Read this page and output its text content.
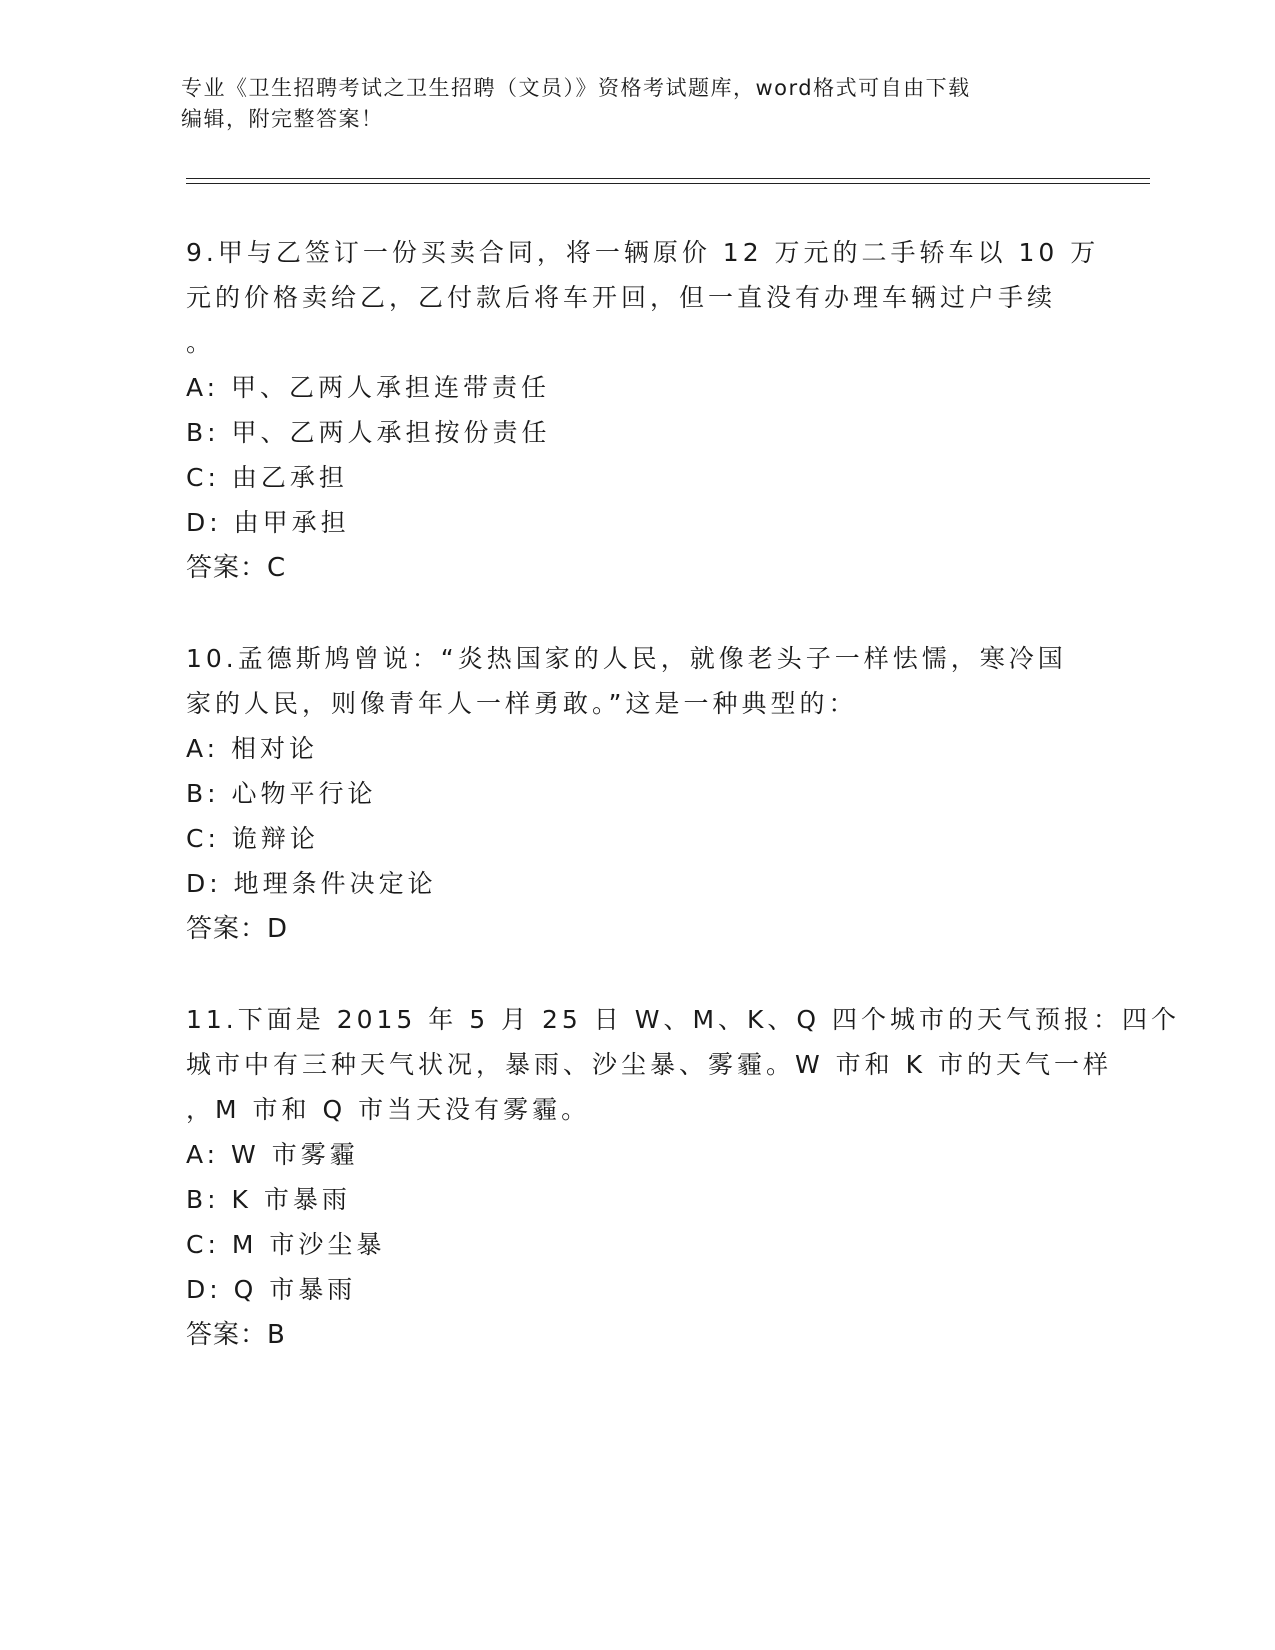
专业《卫生招聘考试之卫生招聘（文员）》资格考试题库，word格式可自由下载
编辑，附完整答案！
9.甲与乙签订一份买卖合同，将一辆原价 12 万元的二手轿车以 10 万
元的价格卖给乙，乙付款后将车开回，但一直没有办理车辆过户手续
。
A: 甲、乙两人承担连带责任
B: 甲、乙两人承担按份责任
C: 由乙承担
D: 由甲承担
答案：C
10.孟德斯鸠曾说：“炎热国家的人民，就像老头子一样怯懦，寒冷国
家的人民，则像青年人一样勇敢。”这是一种典型的：
A: 相对论
B: 心物平行论
C: 诡辩论
D: 地理条件决定论
答案：D
11.下面是 2015 年 5 月 25 日 W、M、K、Q 四个城市的天气预报：四个
城市中有三种天气状况，暴雨、沙尘暴、雾霾。W 市和 K 市的天气一样
，M 市和 Q 市当天没有雾霾。
A: W 市雾霾
B: K 市暴雨
C: M 市沙尘暴
D: Q 市暴雨
答案：B
